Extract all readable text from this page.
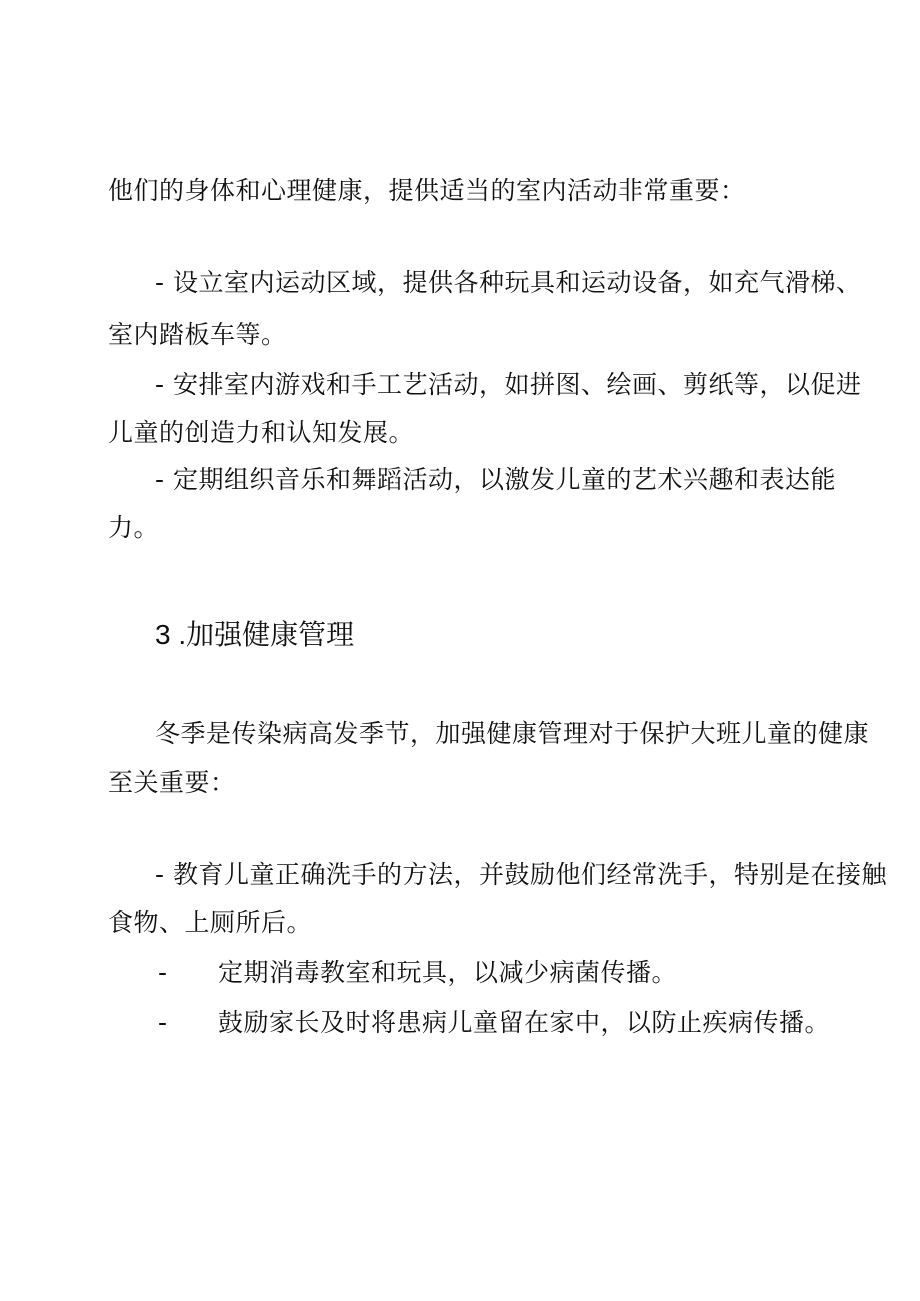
他们的身体和心理健康，提供适当的室内活动非常重要：
- 设立室内运动区域，提供各种玩具和运动设备，如充气滑梯、
室内踏板车等。
- 安排室内游戏和手工艺活动，如拼图、绘画、剪纸等，以促进
儿童的创造力和认知发展。
- 定期组织音乐和舞蹈活动，以激发儿童的艺术兴趣和表达能
力。
3 .加强健康管理
冬季是传染病高发季节，加强健康管理对于保护大班儿童的健康
至关重要：
- 教育儿童正确洗手的方法，并鼓励他们经常洗手，特别是在接触
食物、上厕所后。
- 定期消毒教室和玩具，以减少病菌传播。
- 鼓励家长及时将患病儿童留在家中，以防止疾病传播。
